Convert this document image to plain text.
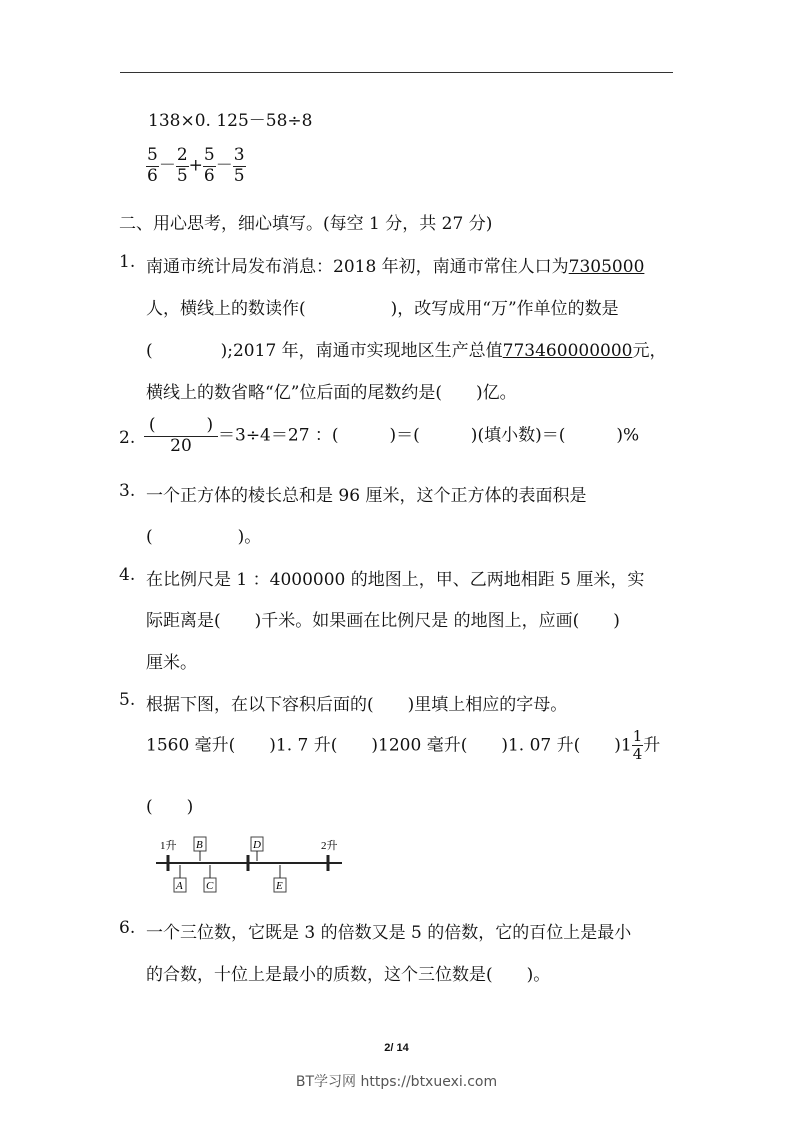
138×0. 125－58÷8
$\frac{5}{6} - \frac{2}{5} + \frac{5}{6} - \frac{3}{5}$
二、用心思考，细心填写。(每空 1 分，共 27 分)
1. 南通市统计局发布消息：2018 年初，南通市常住人口为7305000
人，横线上的数读作(　　　　　)，改写成用“万”作单位的数是
(　　　　);2017 年，南通市实现地区生产总值773460000000元，
横线上的数省略“亿”位后面的尾数约是(　　)亿。
2. $\frac{( )}{20} =3\div 4=27$ ：(　　　)＝(　　　)(填小数)＝(　　　)%
3. 一个正方体的棱长总和是 96 厘米，这个正方体的表面积是
(　　　　　)。
4. 在比例尺是 1 ：4000000 的地图上，甲、乙两地相距 5 厘米，实
际距离是(　　)千米。如果画在比例尺是 的地图上，应画(　　)
厘米。
5. 根据下图，在以下容积后面的(　　)里填上相应的字母。
1560 毫升(　　)1. 7 升(　　)1200 毫升(　　)1. 07 升(　　)$1 \frac{1}{4}$ 升
(　　)
1升	2升
A
B
C
D
E
6. 一个三位数，它既是 3 的倍数又是 5 的倍数，它的百位上是最小
的合数，十位上是最小的质数，这个三位数是(　　)。
2/ 14
BT学习网 https://btxuexi.com
